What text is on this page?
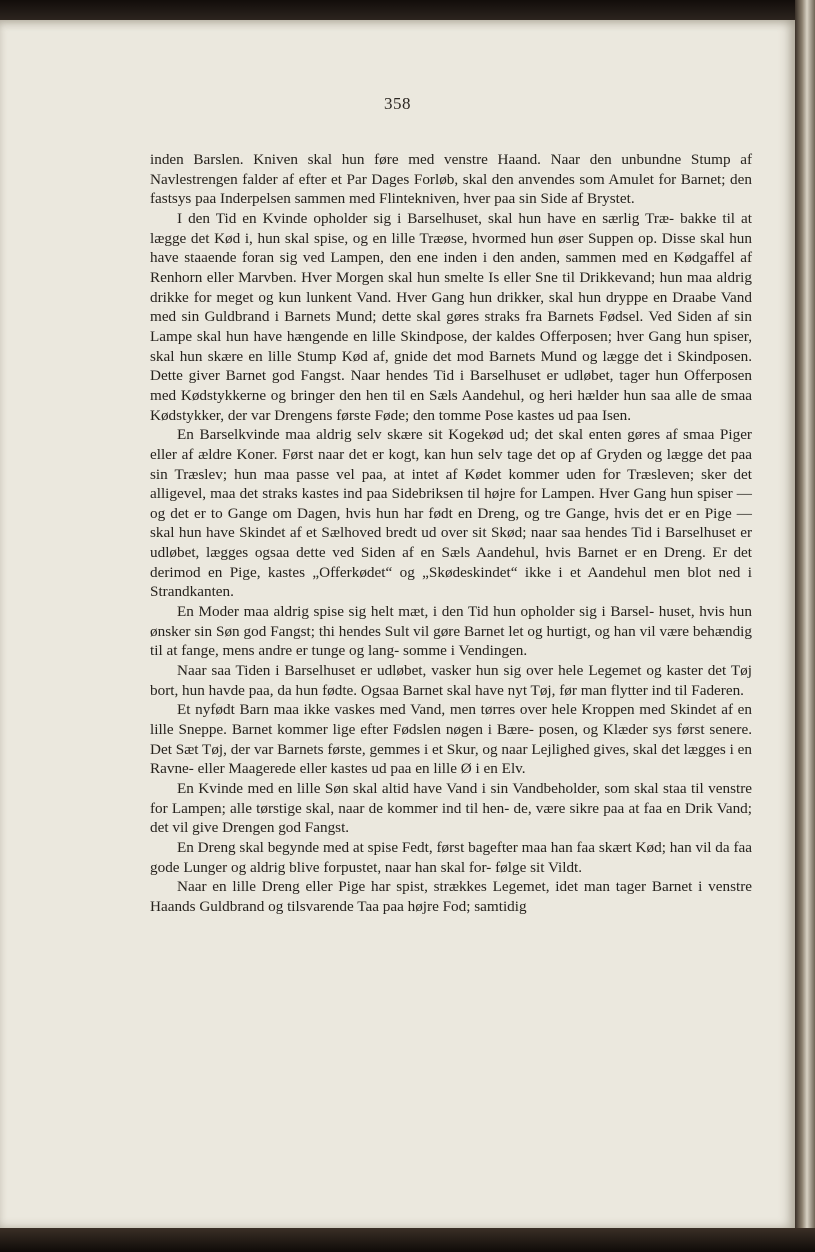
358

inden Barslen. Kniven skal hun føre med venstre Haand. Naar den unbundne Stump af Navlestrengen falder af efter et Par Dages Forløb, skal den anvendes som Amulet for Barnet; den fastsys paa Inderpelsen sammen med Flintekniven, hver paa sin Side af Brystet.

I den Tid en Kvinde opholder sig i Barselhuset, skal hun have en særlig Træ- bakke til at lægge det Kød i, hun skal spise, og en lille Træøse, hvormed hun øser Suppen op. Disse skal hun have staaende foran sig ved Lampen, den ene inden i den anden, sammen med en Kødgaffel af Renhorn eller Marvben. Hver Morgen skal hun smelte Is eller Sne til Drikkevand; hun maa aldrig drikke for meget og kun lunkent Vand. Hver Gang hun drikker, skal hun dryppe en Draabe Vand med sin Guldbrand i Barnets Mund; dette skal gøres straks fra Barnets Fødsel. Ved Siden af sin Lampe skal hun have hængende en lille Skindpose, der kaldes Offerposen; hver Gang hun spiser, skal hun skære en lille Stump Kød af, gnide det mod Barnets Mund og lægge det i Skindposen. Dette giver Barnet god Fangst. Naar hendes Tid i Barselhuset er udløbet, tager hun Offerposen med Kødstykkerne og bringer den hen til en Sæls Aandehul, og heri hælder hun saa alle de smaa Kødstykker, der var Drengens første Føde; den tomme Pose kastes ud paa Isen.

En Barselkvinde maa aldrig selv skære sit Kogekød ud; det skal enten gøres af smaa Piger eller af ældre Koner. Først naar det er kogt, kan hun selv tage det op af Gryden og lægge det paa sin Træslev; hun maa passe vel paa, at intet af Kødet kommer uden for Træsleven; sker det alligevel, maa det straks kastes ind paa Sidebriksen til højre for Lampen. Hver Gang hun spiser — og det er to Gange om Dagen, hvis hun har født en Dreng, og tre Gange, hvis det er en Pige — skal hun have Skindet af et Sælhoved bredt ud over sit Skød; naar saa hendes Tid i Barselhuset er udløbet, lægges ogsaa dette ved Siden af en Sæls Aandehul, hvis Barnet er en Dreng. Er det derimod en Pige, kastes „Offerkødet“ og „Skødeskindet“ ikke i et Aandehul men blot ned i Strandkanten.

En Moder maa aldrig spise sig helt mæt, i den Tid hun opholder sig i Barsel- huset, hvis hun ønsker sin Søn god Fangst; thi hendes Sult vil gøre Barnet let og hurtigt, og han vil være behændig til at fange, mens andre er tunge og lang- somme i Vendingen.

Naar saa Tiden i Barselhuset er udløbet, vasker hun sig over hele Legemet og kaster det Tøj bort, hun havde paa, da hun fødte. Ogsaa Barnet skal have nyt Tøj, før man flytter ind til Faderen.

Et nyfødt Barn maa ikke vaskes med Vand, men tørres over hele Kroppen med Skindet af en lille Sneppe. Barnet kommer lige efter Fødslen nøgen i Bære- posen, og Klæder sys først senere. Det Sæt Tøj, der var Barnets første, gemmes i et Skur, og naar Lejlighed gives, skal det lægges i en Ravne- eller Maagerede eller kastes ud paa en lille Ø i en Elv.

En Kvinde med en lille Søn skal altid have Vand i sin Vandbeholder, som skal staa til venstre for Lampen; alle tørstige skal, naar de kommer ind til hen- de, være sikre paa at faa en Drik Vand; det vil give Drengen god Fangst.

En Dreng skal begynde med at spise Fedt, først bagefter maa han faa skært Kød; han vil da faa gode Lunger og aldrig blive forpustet, naar han skal for- følge sit Vildt.

Naar en lille Dreng eller Pige har spist, strækkes Legemet, idet man tager Barnet i venstre Haands Guldbrand og tilsvarende Taa paa højre Fod; samtidig
